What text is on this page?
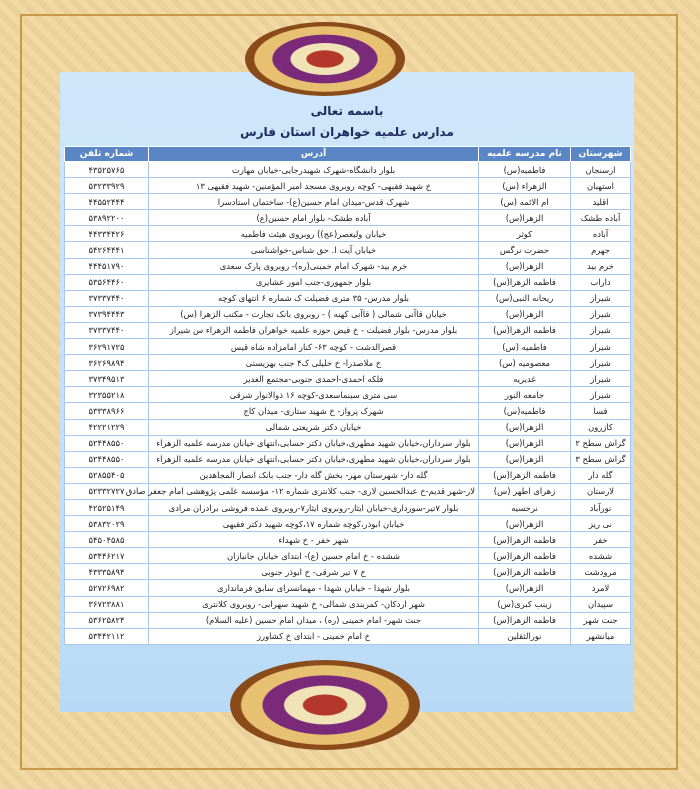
باسمه تعالی
مدارس علمیه خواهران استان فارس
شهرستان	نام مدرسه علمیه	آدرس	شماره تلفن
ارسنجان	فاطمیه(س)	بلوار دانشگاه-شهرک شهیدرجایی-خیابان مهارت	۴۳۵۲۵۷۶۵
استهبان	الزهراء (س)	خ شهید فقیهی- کوچه روبروی مسجد امیر المؤمنین- شهید فقیهی ۱۳	۵۳۲۳۳۹۲۹
اقلید	ام الائمه (س)	شهرک قدس-میدان امام حسین(ع)- ساختمان استادسرا	۴۴۵۵۲۴۴۴
آباده طشک	الزهرا(س)	آباده طشک- بلوار امام حسین(ع)	۵۳۸۹۲۲۰۰
آباده	کوثر	خیابان ولیعصر(عج)) روبروی هیئت فاطمیه	۴۴۳۳۴۴۲۶
جهرم	حضرت نرگس	خیابان آیت ا. حق شناس-خواشناسی	۵۴۲۶۴۴۴۱
خرم بید	الزهرا(س)	خرم بید- شهرک امام خمینی(ره)- روبروی پارک سعدی	۴۴۴۵۱۷۹۰
داراب	فاطمه الزهرا(س)	بلوار جمهوری-جنب امور عشایری	۵۳۵۶۴۴۶۰
شیراز	ریحانه النبی(س)	بلوار مدرس- ۳۵ متری فضیلت ک شماره ۶ انتهای کوچه	۳۷۳۳۷۴۴۰
شیراز	الزهرا(س)	خیابان قاآنی شمالی ( قاآنی کهنه ) - روبروی بانک تجارت - مکتب الزهرا (س)	۳۷۳۹۴۴۴۳
شیراز	فاطمه الزهرا(س)	بلوار مدرس- بلوار فضیلت - خ فیض حوزه علمیه خواهران فاطمه الزهراء س شیراز	۳۷۳۳۷۴۴۰
شیراز	فاطمیه (س)	قصرالدشت - کوچه ۶۳- کنار امامزاده شاه قیس	۳۶۲۹۱۷۲۵
شیراز	معصومیه (س)	خ ملاصدرا- خ خلیلی ک۴ جنب بهزیستی	۳۶۲۶۹۸۹۴
شیراز	غدیریه	فلکه احمدی-احمدی جنوبی-مجتمع الغدیر	۳۷۳۴۹۵۱۳
شیراز	جامعه النور	سی متری سینماسعدی-کوچه ۱۶ ذوالانوار شرقی	۳۲۳۵۵۲۱۸
فسا	فاطمیه(س)	شهرک پرواز- خ شهید ستاری- میدان کاج	۵۳۳۳۸۹۶۶
کازرون	الزهرا(س)	خیابان دکتر شریعتی شمالی	۴۲۲۲۱۲۲۹
گراش سطح ۲	الزهرا(س)	بلوار سرداران،خیابان شهید مطهری،خیابان دکتر حسابی،انتهای خیابان مدرسه علمیه الزهراء	۵۲۴۴۸۵۵۰
گراش سطح ۳	الزهرا(س)	بلوار سرداران،خیابان شهید مطهری،خیابان دکتر حسابی،انتهای خیابان مدرسه علمیه الزهراء	۵۲۴۴۸۵۵۰
گله دار	فاطمه الزهرا(س)	گله دار- شهرستان مهر- بخش گله دار- جنب بانک انصار المجاهدین	۵۲۸۵۵۴۰۵
لارستان	زهرای اطهر (س)	لار-شهر قدیم-خ عبدالحسین لاری- جنب کلانتری شماره ۱۲- مؤسسه علمی پژوهشی امام جعفر صادق	۵۲۳۳۲۷۲۷
نورآباد	نرجسیه	بلوار ۷تیر-سورداری-خیابان ایثار-روبروی ایثار۷-روبروی عمده فروشی برادران مرادی	۴۲۵۲۵۱۴۹
نی ریز	الزهرا(س)	خیابان ابوذر،کوچه شماره ۱۷،کوچه شهید دکتر فقیهی	۵۳۸۳۲۰۲۹
خفر	فاطمه الزهرا(س)	شهر خفر - خ شهداء	۵۴۵۰۴۵۸۵
ششده	فاطمه الزهرا(س)	ششده - خ امام حسین (ع)- ابتدای خیابان جانبازان	۵۳۴۴۶۲۱۷
مرودشت	فاطمه الزهرا(س)	خ ۷ تیر شرقی- خ ابوذر جنوبی	۴۳۳۳۵۸۹۴
لامرد	الزهرا(س)	بلوار شهدا - خیابان شهدا - مهمانسرای سابق فرمانداری	۵۲۷۲۶۹۸۲
سپیدان	زینب کبری(س)	شهر اردکان- کمربندی شمالی- خ شهید سهرابی- روبروی کلانتری	۳۶۷۲۳۸۸۱
جنت شهر	فاطمه الزهرا(س)	جنت شهر- امام خمینی (ره) ، میدان امام حسین (علیه السلام)	۵۳۶۲۵۸۲۴
میانشهر	نورالثقلین	خ امام خمینی - ابتدای خ کشاورز	۵۳۴۴۲۱۱۲
